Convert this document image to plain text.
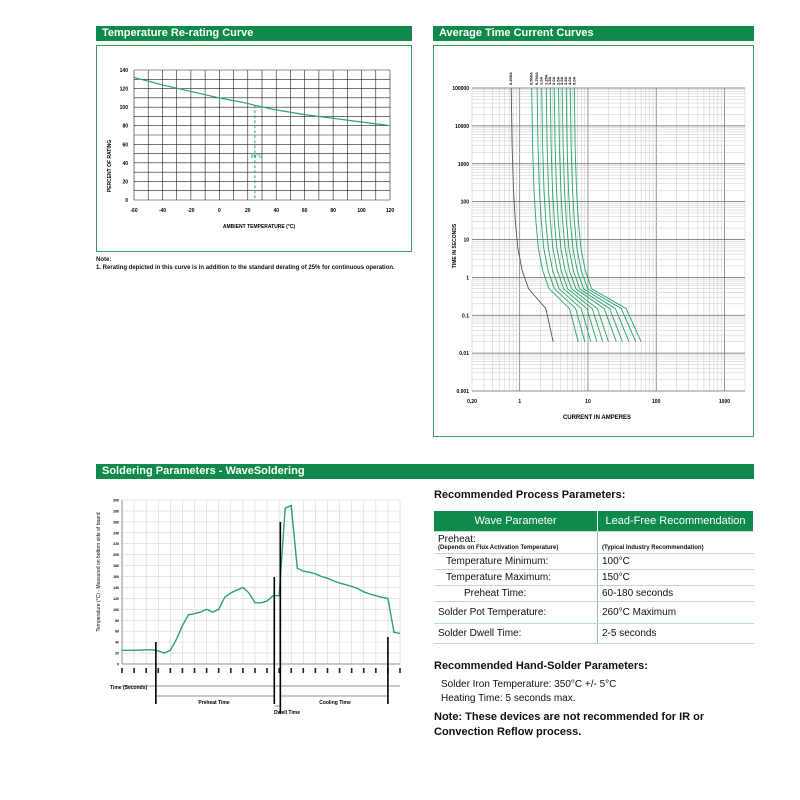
Temperature Re-rating Curve
-60	-40	-20	0	20	40	60	80	100	120
0
20
40
60
80
100
120
140
PERCENT OF RATING
AMBIENT TEMPERATURE (°C)
25°C
Note:
1. Rerating depicted in this curve is in addition to the standard derating of 25% for continuous operation.
Average Time Current Curves
0.20	1	10	100	1000
0.001
0.01
0.1
1
10
100
1000
10000
100000
0.200A	0.500A 0.750A 1.0A 1.25A
1.5A
2.0A 2.5A
3.0A
3.5A 4.0A 5.0A
TIME IN SECONDS
CURRENT IN AMPERES
Soldering Parameters - WaveSoldering
0
20
40
60
80
100
120
140
160
180
200
220
240
260
280
300
Temperature (°C) - Measured on bottom side of board
Time (Seconds)
Preheat Time
Dwell Time
Cooling Time
Recommended Process Parameters:
Wave Parameter	Lead-Free Recommendation
Preheat:
(Depends on Flux Activation Temperature)	(Typical Industry Recommendation)

Temperature Minimum:	100°C
Temperature Maximum:	150°C
Preheat Time:	60-180 seconds
Solder Pot Temperature:	260°C Maximum
Solder Dwell Time:	2-5 seconds
Recommended Hand-Solder Parameters:
Solder Iron Temperature: 350°C +/- 5°C
Heating Time: 5 seconds max.
Note: These devices are not recommended for IR or Convection Reflow process.
